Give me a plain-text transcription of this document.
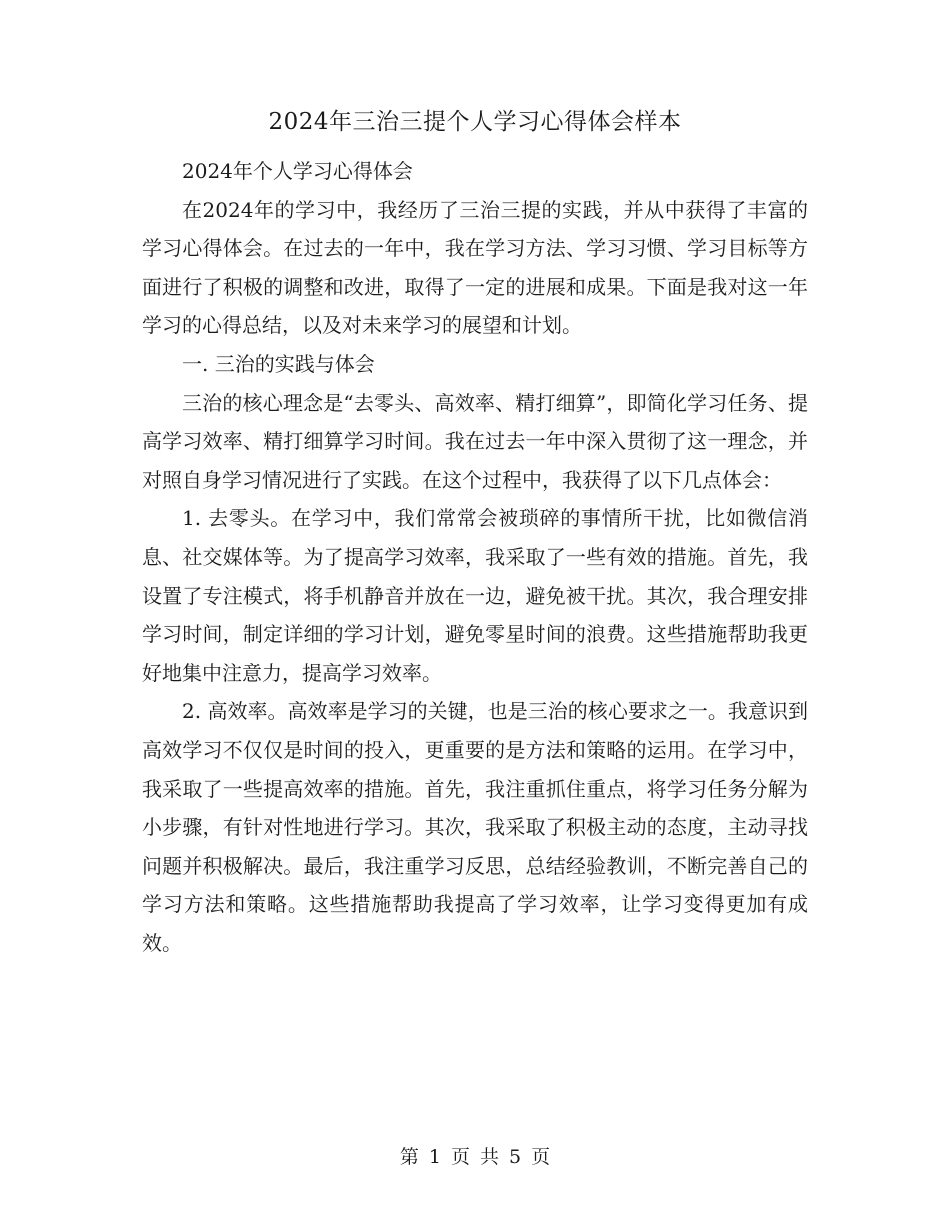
2024年三治三提个人学习心得体会样本

2024年个人学习心得体会

在2024年的学习中，我经历了三治三提的实践，并从中获得了丰富的学习心得体会。在过去的一年中，我在学习方法、学习习惯、学习目标等方面进行了积极的调整和改进，取得了一定的进展和成果。下面是我对这一年学习的心得总结，以及对未来学习的展望和计划。

一. 三治的实践与体会

三治的核心理念是“去零头、高效率、精打细算”，即简化学习任务、提高学习效率、精打细算学习时间。我在过去一年中深入贯彻了这一理念，并对照自身学习情况进行了实践。在这个过程中，我获得了以下几点体会：

1. 去零头。在学习中，我们常常会被琐碎的事情所干扰，比如微信消息、社交媒体等。为了提高学习效率，我采取了一些有效的措施。首先，我设置了专注模式，将手机静音并放在一边，避免被干扰。其次，我合理安排学习时间，制定详细的学习计划，避免零星时间的浪费。这些措施帮助我更好地集中注意力，提高学习效率。

2. 高效率。高效率是学习的关键，也是三治的核心要求之一。我意识到高效学习不仅仅是时间的投入，更重要的是方法和策略的运用。在学习中，我采取了一些提高效率的措施。首先，我注重抓住重点，将学习任务分解为小步骤，有针对性地进行学习。其次，我采取了积极主动的态度，主动寻找问题并积极解决。最后，我注重学习反思，总结经验教训，不断完善自己的学习方法和策略。这些措施帮助我提高了学习效率，让学习变得更加有成效。

第 1 页 共 5 页
